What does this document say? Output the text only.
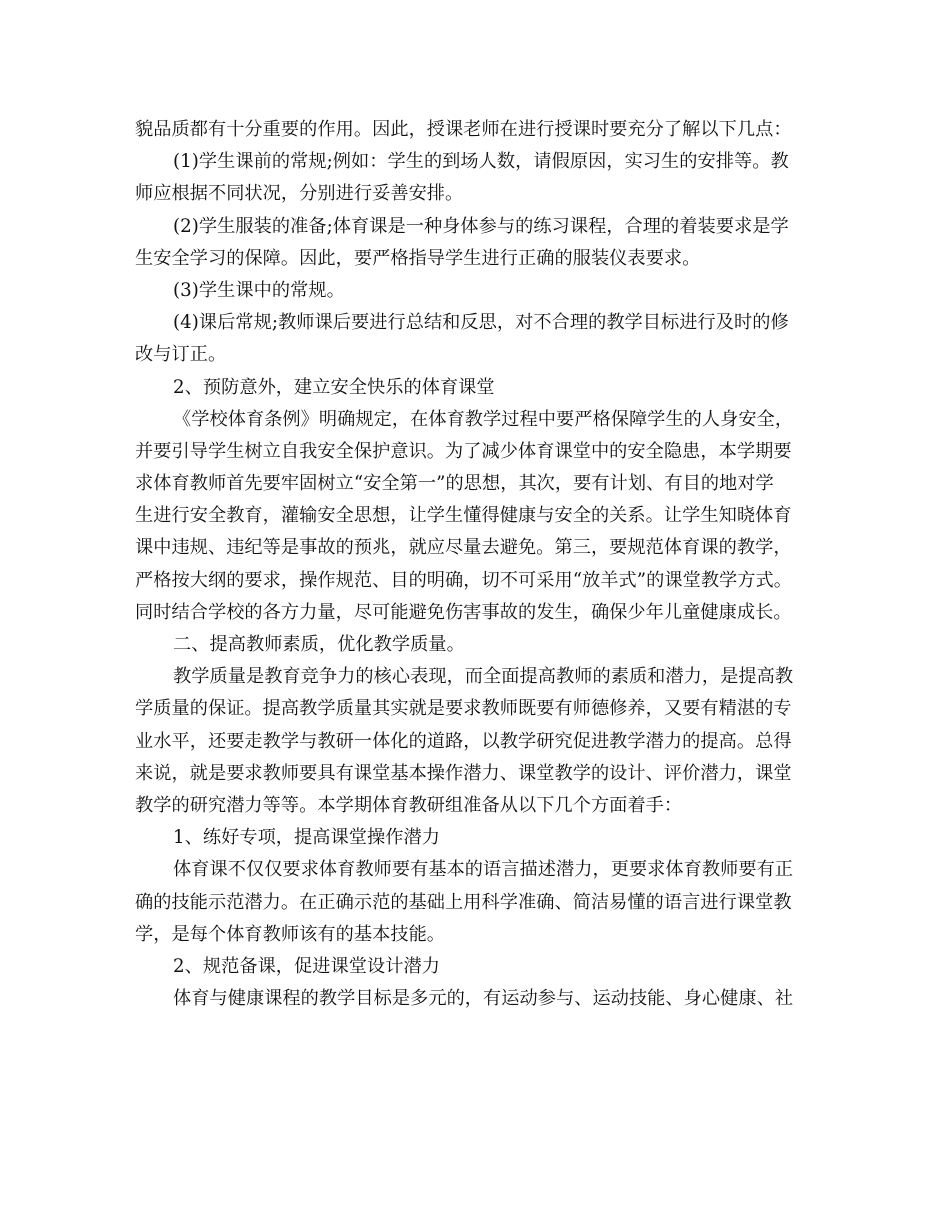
貌品质都有十分重要的作用。因此，授课老师在进行授课时要充分了解以下几点：
(1)学生课前的常规;例如：学生的到场人数，请假原因，实习生的安排等。教
师应根据不同状况，分别进行妥善安排。
(2)学生服装的准备;体育课是一种身体参与的练习课程，合理的着装要求是学
生安全学习的保障。因此，要严格指导学生进行正确的服装仪表要求。
(3)学生课中的常规。
(4)课后常规;教师课后要进行总结和反思，对不合理的教学目标进行及时的修
改与订正。
2、预防意外，建立安全快乐的体育课堂
《学校体育条例》明确规定，在体育教学过程中要严格保障学生的人身安全，
并要引导学生树立自我安全保护意识。为了减少体育课堂中的安全隐患，本学期要
求体育教师首先要牢固树立“安全第一”的思想，其次，要有计划、有目的地对学
生进行安全教育，灌输安全思想，让学生懂得健康与安全的关系。让学生知晓体育
课中违规、违纪等是事故的预兆，就应尽量去避免。第三，要规范体育课的教学，
严格按大纲的要求，操作规范、目的明确，切不可采用“放羊式”的课堂教学方式。
同时结合学校的各方力量，尽可能避免伤害事故的发生，确保少年儿童健康成长。
二、提高教师素质，优化教学质量。
教学质量是教育竞争力的核心表现，而全面提高教师的素质和潜力，是提高教
学质量的保证。提高教学质量其实就是要求教师既要有师德修养，又要有精湛的专
业水平，还要走教学与教研一体化的道路，以教学研究促进教学潜力的提高。总得
来说，就是要求教师要具有课堂基本操作潜力、课堂教学的设计、评价潜力，课堂
教学的研究潜力等等。本学期体育教研组准备从以下几个方面着手：
1、练好专项，提高课堂操作潜力
体育课不仅仅要求体育教师要有基本的语言描述潜力，更要求体育教师要有正
确的技能示范潜力。在正确示范的基础上用科学准确、简洁易懂的语言进行课堂教
学，是每个体育教师该有的基本技能。
2、规范备课，促进课堂设计潜力
体育与健康课程的教学目标是多元的，有运动参与、运动技能、身心健康、社
